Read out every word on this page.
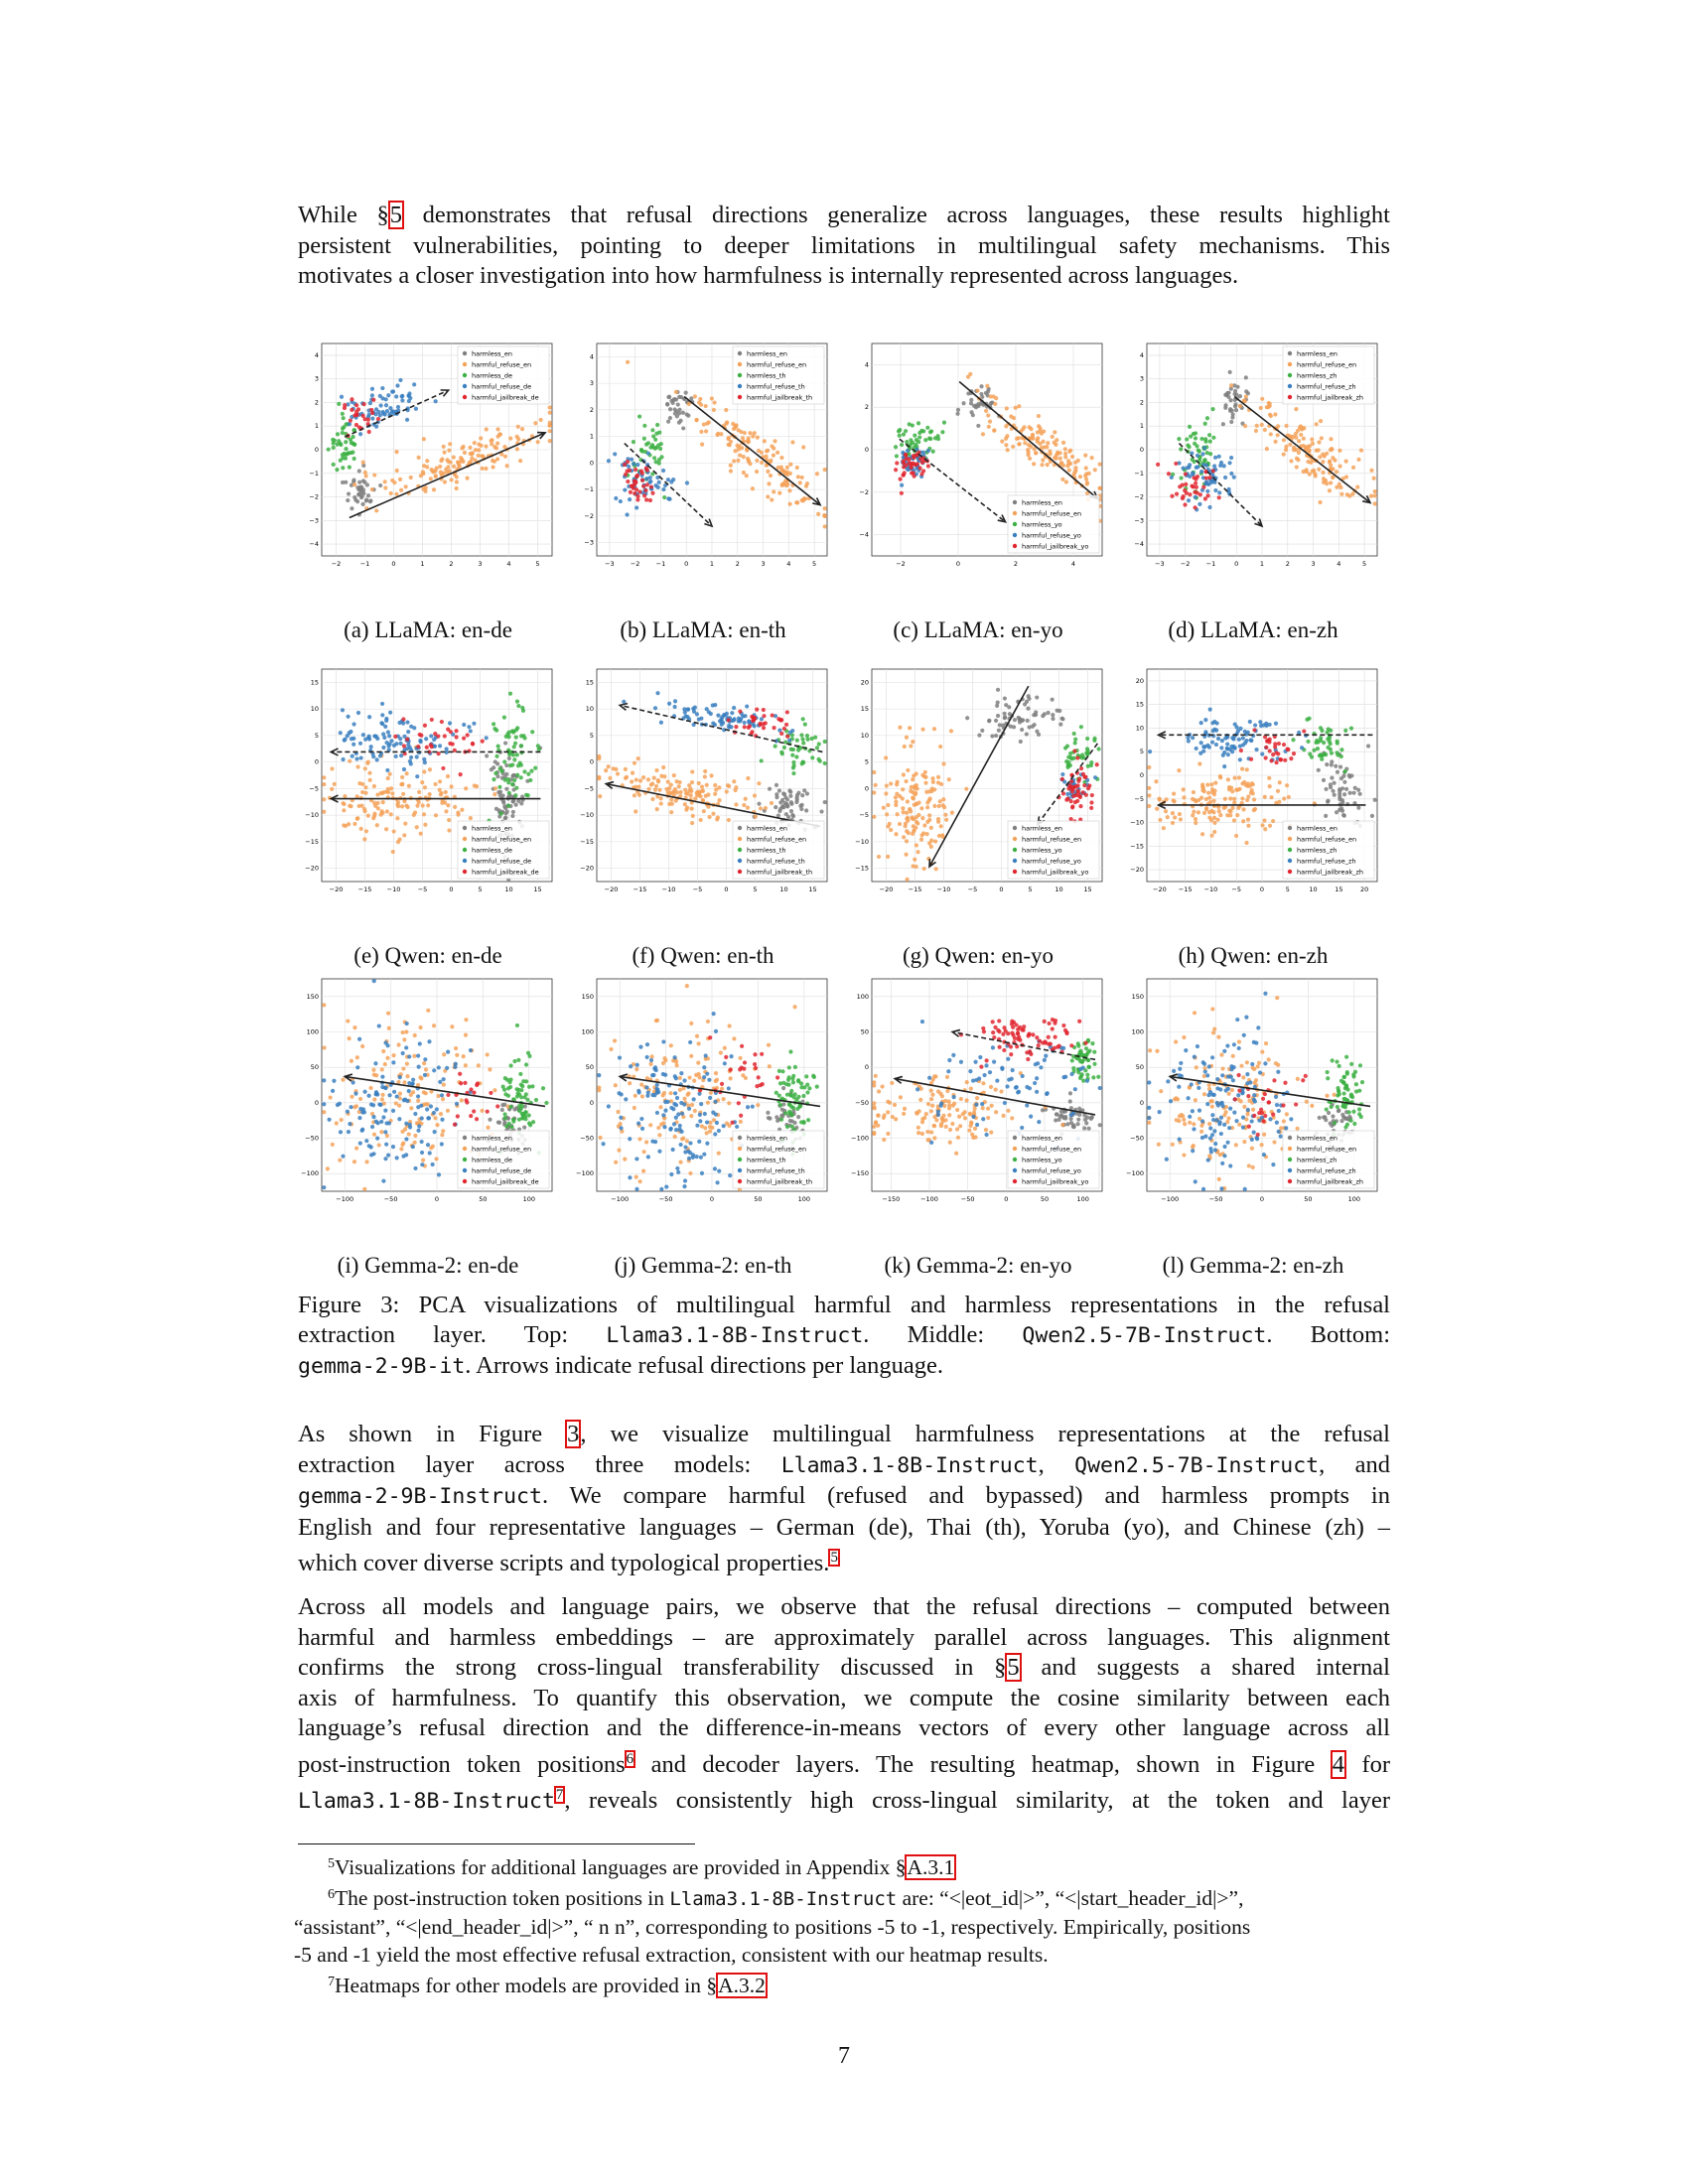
While §5 demonstrates that refusal directions generalize across languages, these results highlight
persistent vulnerabilities, pointing to deeper limitations in multilingual safety mechanisms. This
motivates a closer investigation into how harmfulness is internally represented across languages.
−2	−1	0	1	2	3	4	5
4
3
2
1
0
−1
−2
−3
−4
harmless_en
harmful_refuse_en
harmless_de
harmful_refuse_de
harmful_jailbreak_de
(a) LLaMA: en-de
−3 −2 −1	0	1	2	3	4	5
4
3
2
1
0
−1
−2
−3
harmless_en
harmful_refuse_en
harmless_th
harmful_refuse_th
harmful_jailbreak_th
(b) LLaMA: en-th
−2	0	2	4
4
2
0
−2
−4
harmless_en
harmful_refuse_en
harmless_yo
harmful_refuse_yo
harmful_jailbreak_yo
(c) LLaMA: en-yo
−3 −2 −1	0	1	2	3	4	5
4
3
2
1
0
−1
−2
−3
−4
harmless_en
harmful_refuse_en
harmless_zh
harmful_refuse_zh
harmful_jailbreak_zh
(d) LLaMA: en-zh
−20 −15 −10	−5	0	5	10	15
15
10
5
0
−5
−10
−15
−20
harmless_en
harmful_refuse_en
harmless_de
harmful_refuse_de
harmful_jailbreak_de
(e) Qwen: en-de
−20 −15 −10	−5	0	5	10	15
15
10
5
0
−5
−10
−15
−20
harmless_en
harmful_refuse_en
harmless_th
harmful_refuse_th
harmful_jailbreak_th
(f) Qwen: en-th
−20 −15 −10	−5	0	5	10	15
20
15
10
5
0
−5
−10
−15
harmless_en
harmful_refuse_en
harmless_yo
harmful_refuse_yo
harmful_jailbreak_yo
(g) Qwen: en-yo
−20 −15 −10 −5	0	5	10	15	20
20
15
10
5
0
−5
−10
−15
−20
harmless_en
harmful_refuse_en
harmless_zh
harmful_refuse_zh
harmful_jailbreak_zh
(h) Qwen: en-zh
−100	−50	0	50	100
150
100
50
0
−50
−100
harmless_en
harmful_refuse_en
harmless_de
harmful_refuse_de
harmful_jailbreak_de
(i) Gemma-2: en-de
−100	−50	0	50	100
150
100
50
0
−50
−100
harmless_en
harmful_refuse_en
harmless_th
harmful_refuse_th
harmful_jailbreak_th
(j) Gemma-2: en-th
−150	−100	−50	0	50	100
100
50
0
−50
−100
−150
harmless_en
harmful_refuse_en
harmless_yo
harmful_refuse_yo
harmful_jailbreak_yo
(k) Gemma-2: en-yo
−100	−50	0	50	100
150
100
50
0
−50
−100
harmless_en
harmful_refuse_en
harmless_zh
harmful_refuse_zh
harmful_jailbreak_zh
(l) Gemma-2: en-zh
Figure 3: PCA visualizations of multilingual harmful and harmless representations in the refusal
extraction layer. Top: Llama3.1-8B-Instruct. Middle: Qwen2.5-7B-Instruct. Bottom:
gemma-2-9B-it. Arrows indicate refusal directions per language.
As shown in Figure 3, we visualize multilingual harmfulness representations at the refusal
extraction layer across three models: Llama3.1-8B-Instruct, Qwen2.5-7B-Instruct, and
gemma-2-9B-Instruct. We compare harmful (refused and bypassed) and harmless prompts in
English and four representative languages – German (de), Thai (th), Yoruba (yo), and Chinese (zh) –
which cover diverse scripts and typological properties.$^5$
Across all models and language pairs, we observe that the refusal directions – computed between
harmful and harmless embeddings – are approximately parallel across languages. This alignment
confirms the strong cross-lingual transferability discussed in §5 and suggests a shared internal
axis of harmfulness. To quantify this observation, we compute the cosine similarity between each
language’s refusal direction and the difference-in-means vectors of every other language across all
post-instruction token positions$^6$ and decoder layers. The resulting heatmap, shown in Figure 4 for
Llama3.1-8B-Instruct$^7$, reveals consistently high cross-lingual similarity, at the token and layer
$^5$Visualizations for additional languages are provided in Appendix §A.3.1
$^6$The post-instruction token positions in Llama3.1-8B-Instruct are: “<|eot_id|>”, “<|start_header_id|>”,
“assistant”, “<|end_header_id|>”, “ n n”, corresponding to positions -5 to -1, respectively. Empirically, positions
-5 and -1 yield the most effective refusal extraction, consistent with our heatmap results.
$^7$Heatmaps for other models are provided in §A.3.2
7
